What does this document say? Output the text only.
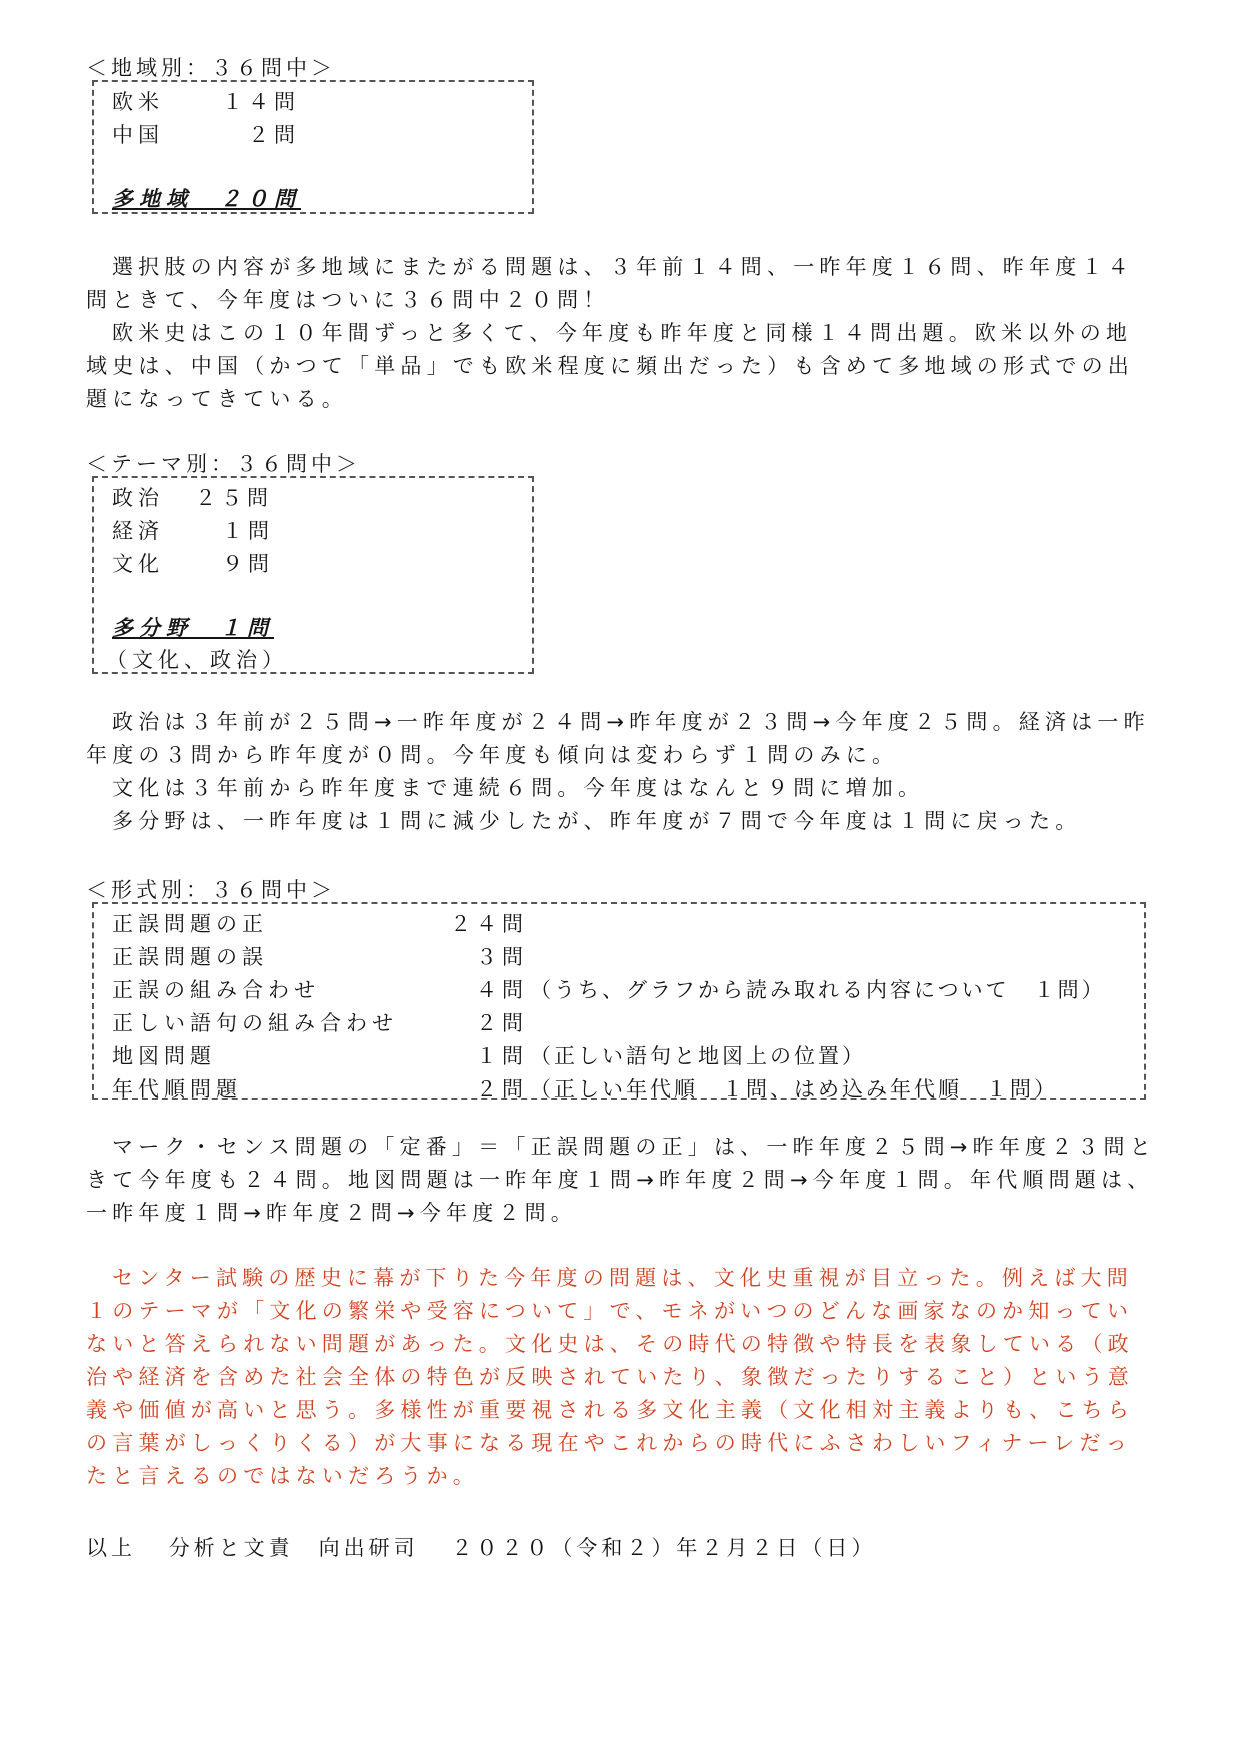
＜地域別：３６問中＞
欧米	１４問
中国	２問
多地域　２０問
選択肢の内容が多地域にまたがる問題は、３年前１４問、一昨年度１６問、昨年度１４問ときて、今年度はついに３６問中２０問！
欧米史はこの１０年間ずっと多くて、今年度も昨年度と同様１４問出題。欧米以外の地域史は、中国（かつて「単品」でも欧米程度に頻出だった）も含めて多地域の形式での出題になってきている。
＜テーマ別：３６問中＞
政治 ２５問
経済	１問
文化	９問
多分野　１問
（文化、政治）
政治は３年前が２５問→一昨年度が２４問→昨年度が２３問→今年度２５問。経済は一昨年度の３問から昨年度が０問。今年度も傾向は変わらず１問のみに。
文化は３年前から昨年度まで連続６問。今年度はなんと９問に増加。
多分野は、一昨年度は１問に減少したが、昨年度が７問で今年度は１問に戻った。
＜形式別：３６問中＞
正誤問題の正	２４問
正誤問題の誤	３問
正誤の組み合わせ	４問 （うち、グラフから読み取れる内容について　１問）
正しい語句の組み合わせ	２問
地図問題	１問 （正しい語句と地図上の位置）
年代順問題	２問 （正しい年代順　１問、はめ込み年代順　１問）
マーク・センス問題の「定番」＝「正誤問題の正」は、一昨年度２５問→昨年度２３問ときて今年度も２４問。地図問題は一昨年度１問→昨年度２問→今年度１問。年代順問題は、一昨年度１問→昨年度２問→今年度２問。
センター試験の歴史に幕が下りた今年度の問題は、文化史重視が目立った。例えば大問１のテーマが「文化の繁栄や受容について」で、モネがいつのどんな画家なのか知っていないと答えられない問題があった。文化史は、その時代の特徴や特長を表象している（政治や経済を含めた社会全体の特色が反映されていたり、象徴だったりすること）という意義や価値が高いと思う。多様性が重要視される多文化主義（文化相対主義よりも、こちらの言葉がしっくりくる）が大事になる現在やこれからの時代にふさわしいフィナーレだったと言えるのではないだろうか。
以上 分析と文責　向出研司 ２０２０（令和２）年２月２日（日）
